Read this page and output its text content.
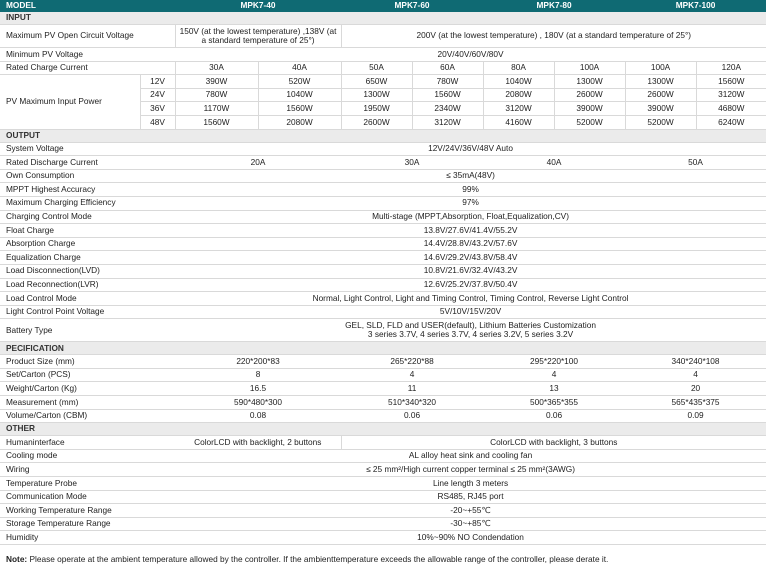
MODEL		MPK7-40		MPK7-60		MPK7-80		MPK7-100	
INPUT									
Maximum PV Open Circuit Voltage		150V (at the lowest temperature) ,138V (at a standard temperature of 25°)		200V (at the lowest temperature) , 180V (at a standard temperature of 25°)					
Minimum PV Voltage		20V/40V/60V/80V							
Rated Charge Current		30A	40A	50A	60A	80A	100A	100A	120A
PV Maximum Input Power	12V	390W	520W	650W	780W	1040W	1300W	1300W	1560W
	24V	780W	1040W	1300W	1560W	2080W	2600W	2600W	3120W
	36V	1170W	1560W	1950W	2340W	3120W	3900W	3900W	4680W
	48V	1560W	2080W	2600W	3120W	4160W	5200W	5200W	6240W
OUTPUT									
System Voltage		12V/24V/36V/48V Auto							
Rated Discharge Current		20A		30A		40A		50A	
Own Consumption		≤ 35mA(48V)							
MPPT Highest Accuracy		99%							
Maximum Charging Efficiency		97%							
Charging Control Mode		Multi-stage (MPPT,Absorption, Float,Equalization,CV)							
Float Charge		13.8V/27.6V/41.4V/55.2V							
Absorption Charge		14.4V/28.8V/43.2V/57.6V							
Equalization Charge		14.6V/29.2V/43.8V/58.4V							
Load Disconnection(LVD)		10.8V/21.6V/32.4V/43.2V							
Load Reconnection(LVR)		12.6V/25.2V/37.8V/50.4V							
Load Control Mode		Normal, Light Control, Light and Timing Control, Timing Control, Reverse Light Control							
Light Control Point Voltage		5V/10V/15V/20V							
Battery Type		GEL, SLD, FLD and USER(default), Lithium Batteries Customization
3 series 3.7V, 4 series 3.7V, 4 series 3.2V, 5 series 3.2V							

PECIFICATION									
Product Size (mm)		220*200*83		265*220*88		295*220*100		340*240*108	
Set/Carton (PCS)		8		4		4		4	
Weight/Carton (Kg)		16.5		11		13		20	
Measurement (mm)		590*480*300		510*340*320		500*365*355		565*435*375	
Volume/Carton (CBM)		0.08		0.06		0.06		0.09	
OTHER									
Humaninterface		ColorLCD with backlight, 2 buttons		ColorLCD with backlight, 3 buttons					
Cooling mode		AL alloy heat sink and cooling fan							
Wiring		≤ 25 mm²/High current copper terminal ≤ 25 mm²(3AWG)							
Temperature Probe		Line length 3 meters							
Communication Mode		RS485, RJ45 port							
Working Temperature Range		-20~+55℃							
Storage Temperature Range		-30~+85℃							
Humidity		10%~90% NO Condendation							
Note: Please operate at the ambient temperature allowed by the controller. If the ambienttemperature exceeds the allowable range of the controller, please derate it.
